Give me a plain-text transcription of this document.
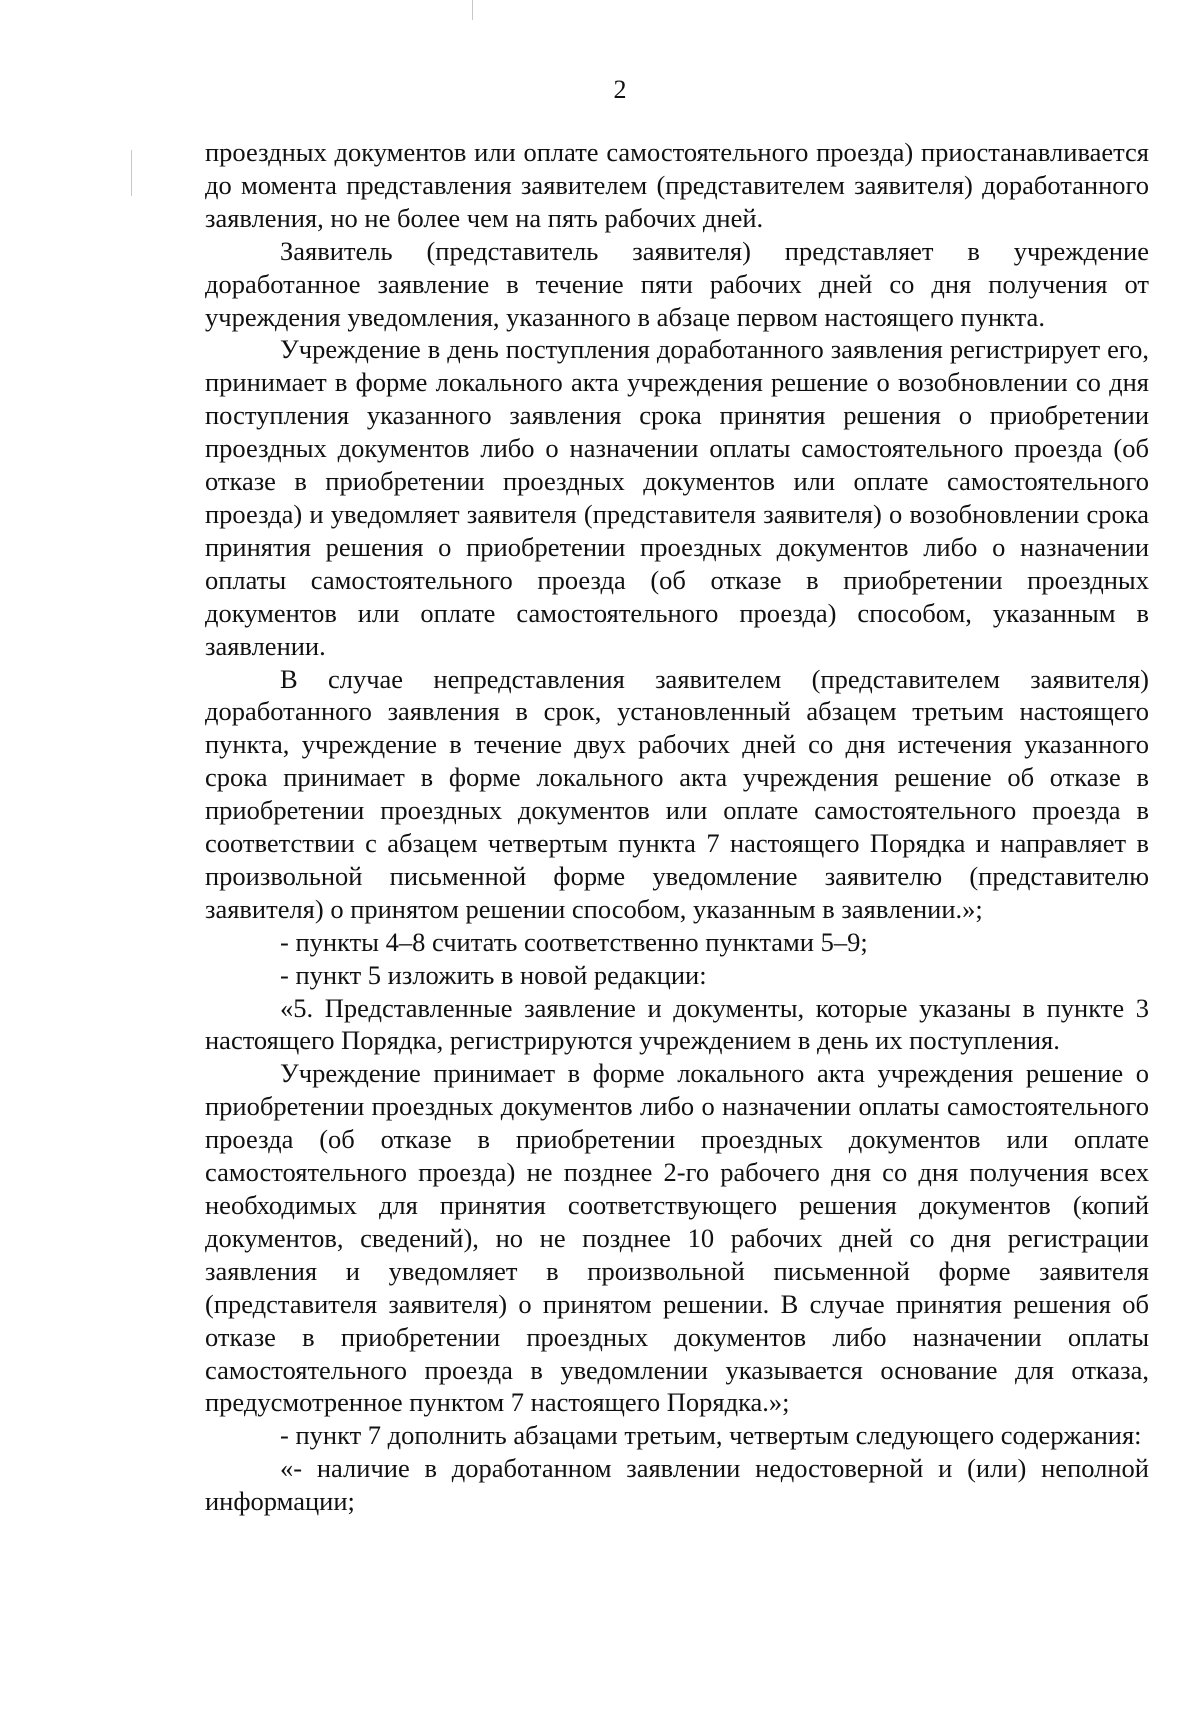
2

проездных документов или оплате самостоятельного проезда) приостанавливается до момента представления заявителем (представителем заявителя) доработанного заявления, но не более чем на пять рабочих дней.

Заявитель (представитель заявителя) представляет в учреждение доработанное заявление в течение пяти рабочих дней со дня получения от учреждения уведомления, указанного в абзаце первом настоящего пункта.

Учреждение в день поступления доработанного заявления регистрирует его, принимает в форме локального акта учреждения решение о возобновлении со дня поступления указанного заявления срока принятия решения о приобретении проездных документов либо о назначении оплаты самостоятельного проезда (об отказе в приобретении проездных документов или оплате самостоятельного проезда) и уведомляет заявителя (представителя заявителя) о возобновлении срока принятия решения о приобретении проездных документов либо о назначении оплаты самостоятельного проезда (об отказе в приобретении проездных документов или оплате самостоятельного проезда) способом, указанным в заявлении.

В случае непредставления заявителем (представителем заявителя) доработанного заявления в срок, установленный абзацем третьим настоящего пункта, учреждение в течение двух рабочих дней со дня истечения указанного срока принимает в форме локального акта учреждения решение об отказе в приобретении проездных документов или оплате самостоятельного проезда в соответствии с абзацем четвертым пункта 7 настоящего Порядка и направляет в произвольной письменной форме уведомление заявителю (представителю заявителя) о принятом решении способом, указанным в заявлении.»;

- пункты 4–8 считать соответственно пунктами 5–9;

- пункт 5 изложить в новой редакции:

«5. Представленные заявление и документы, которые указаны в пункте 3 настоящего Порядка, регистрируются учреждением в день их поступления.

Учреждение принимает в форме локального акта учреждения решение о приобретении проездных документов либо о назначении оплаты самостоятельного проезда (об отказе в приобретении проездных документов или оплате самостоятельного проезда) не позднее 2-го рабочего дня со дня получения всех необходимых для принятия соответствующего решения документов (копий документов, сведений), но не позднее 10 рабочих дней со дня регистрации заявления и уведомляет в произвольной письменной форме заявителя (представителя заявителя) о принятом решении. В случае принятия решения об отказе в приобретении проездных документов либо назначении оплаты самостоятельного проезда в уведомлении указывается основание для отказа, предусмотренное пунктом 7 настоящего Порядка.»;

- пункт 7 дополнить абзацами третьим, четвертым следующего содержания:

«- наличие в доработанном заявлении недостоверной и (или) неполной информации;
